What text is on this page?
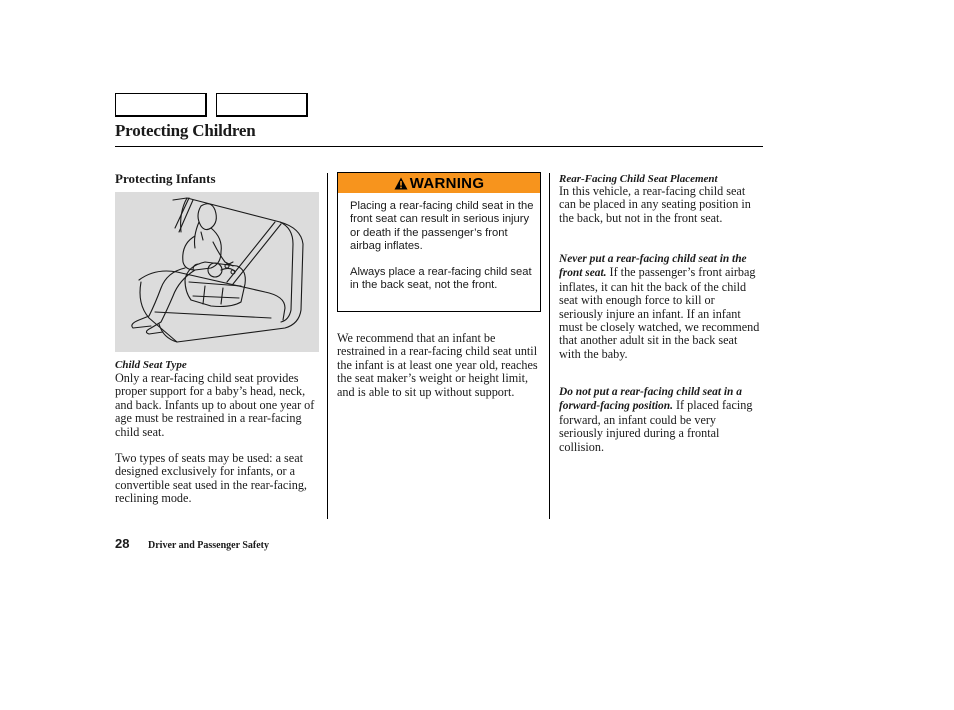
Protecting Children
Protecting Infants
Child Seat Type

Only a rear-facing child seat provides proper support for a baby’s head, neck, and back. Infants up to about one year of age must be restrained in a rear-facing child seat.

Two types of seats may be used: a seat designed exclusively for infants, or a convertible seat used in the rear-facing, reclining mode.

WARNING

Placing a rear-facing child seat in the front seat can result in serious injury or death if the passenger’s front airbag inflates.

Always place a rear-facing child seat in the back seat, not the front.

We recommend that an infant be restrained in a rear-facing child seat until the infant is at least one year old, reaches the seat maker’s weight or height limit, and is able to sit up without support.

Rear-Facing Child Seat Placement

In this vehicle, a rear-facing child seat can be placed in any seating position in the back, but not in the front seat.

Never put a rear-facing child seat in the front seat. If the passenger’s front airbag inflates, it can hit the back of the child seat with enough force to kill or seriously injure an infant. If an infant must be closely watched, we recommend that another adult sit in the back seat with the baby.

Do not put a rear-facing child seat in a forward-facing position. If placed facing forward, an infant could be very seriously injured during a frontal collision.

28 Driver and Passenger Safety
